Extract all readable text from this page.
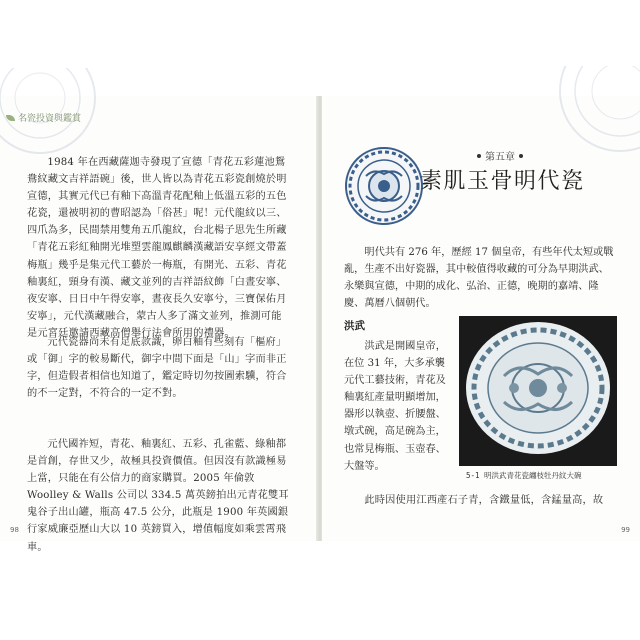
名瓷投資與鑑賞

1984 年在西藏薩迦寺發現了宣德「青花五彩蓮池鴛鴦紋藏文吉祥語碗」後，世人皆以為青花五彩瓷創燒於明宣德，其實元代已有釉下高溫青花配釉上低溫五彩的五色花瓷，還被明初的曹昭認為「俗甚」呢！元代龍紋以三、四爪為多，民間禁用雙角五爪龍紋，台北楊子思先生所藏「青花五彩紅釉開光堆塑雲龍鳳麒麟漢藏語安享經文帶蓋梅瓶」幾乎是集元代工藝於一梅瓶，有開光、五彩、青花釉裏紅，頸身有漢、藏文並列的吉祥語紋飾「白晝安寧、夜安寧、日日中午得安寧，晝夜長久安寧兮，三寶保佑月安寧」，元代漢藏融合，蒙古人多了滿文並列，推測可能是元宮廷邀請西藏高僧舉行法會所用的禮器。

元代瓷器尚未有足底款識，卵白釉有些刻有「樞府」或「御」字的較易斷代，御字中間下面是「山」字而非正字，但造假者相信也知道了，鑑定時切勿按圖索驥，符合的不一定對，不符合的一定不對。

元代國祚短，青花、釉裏紅、五彩、孔雀藍、綠釉都是首創，存世又少，故極具投資價值。但因沒有款識極易上當，只能在有公信力的商家購買。2005 年倫敦 Woolley & Walls 公司以 334.5 萬英鎊拍出元青花雙耳鬼谷子出山罐，瓶高 47.5 公分，此瓶是 1900 年英國銀行家威廉亞歷山大以 10 英鎊買入，增值幅度如乘雲霄飛車。

98
第五章
素肌玉骨明代瓷

明代共有 276 年，歷經 17 個皇帝，有些年代太短或戰亂，生產不出好瓷器，其中較值得收藏的可分為早期洪武、永樂與宣德，中期的成化、弘治、正德，晚期的嘉靖、隆慶、萬曆八個朝代。

洪武

洪武是開國皇帝，在位 31 年，大多承襲元代工藝技術，青花及釉裏紅產量明顯增加，器形以執壺、折腰盤、墩式碗，高足碗為主，也常見梅瓶、玉壺春、大盤等。

5-1 明洪武青花瓷纏枝牡丹紋大碗

此時因使用江西產石子青，含鐵量低，含錳量高，故

99
